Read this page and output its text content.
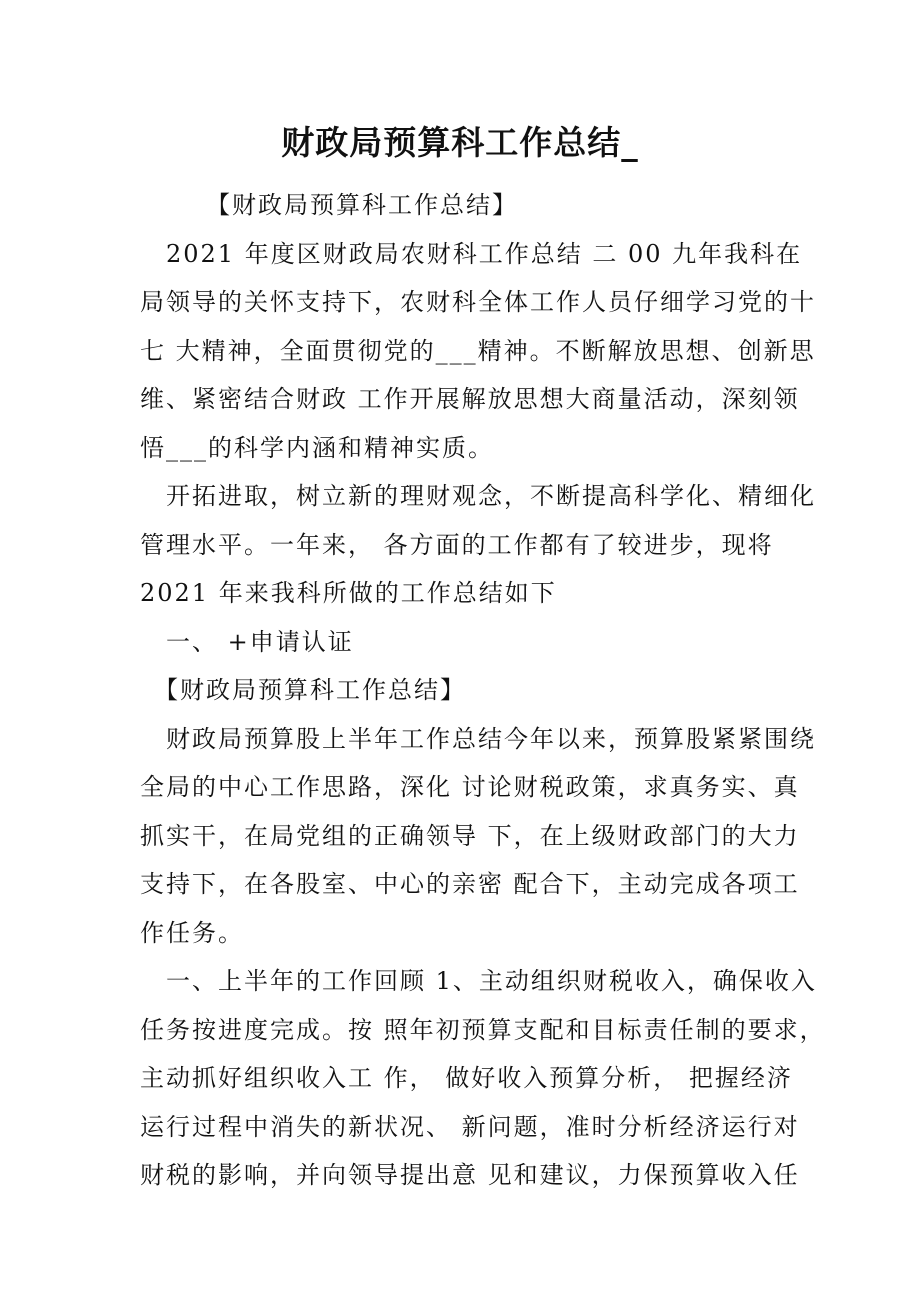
财政局预算科工作总结_
　　　【财政局预算科工作总结】
　2021 年度区财政局农财科工作总结 二 00 九年我科在
局领导的关怀支持下，农财科全体工作人员仔细学习党的十
七 大精神，全面贯彻党的___精神。不断解放思想、创新思
维、紧密结合财政 工作开展解放思想大商量活动，深刻领
悟___的科学内涵和精神实质。
　开拓进取，树立新的理财观念，不断提高科学化、精细化
管理水平。一年来， 各方面的工作都有了较进步，现将
2021 年来我科所做的工作总结如下
　一、 +申请认证
　【财政局预算科工作总结】
　财政局预算股上半年工作总结今年以来，预算股紧紧围绕
全局的中心工作思路，深化 讨论财税政策，求真务实、真
抓实干，在局党组的正确领导 下，在上级财政部门的大力
支持下，在各股室、中心的亲密 配合下，主动完成各项工
作任务。
　一、上半年的工作回顾 1、主动组织财税收入，确保收入
任务按进度完成。按 照年初预算支配和目标责任制的要求，
主动抓好组织收入工 作， 做好收入预算分析， 把握经济
运行过程中消失的新状况、 新问题，准时分析经济运行对
财税的影响，并向领导提出意 见和建议，力保预算收入任
